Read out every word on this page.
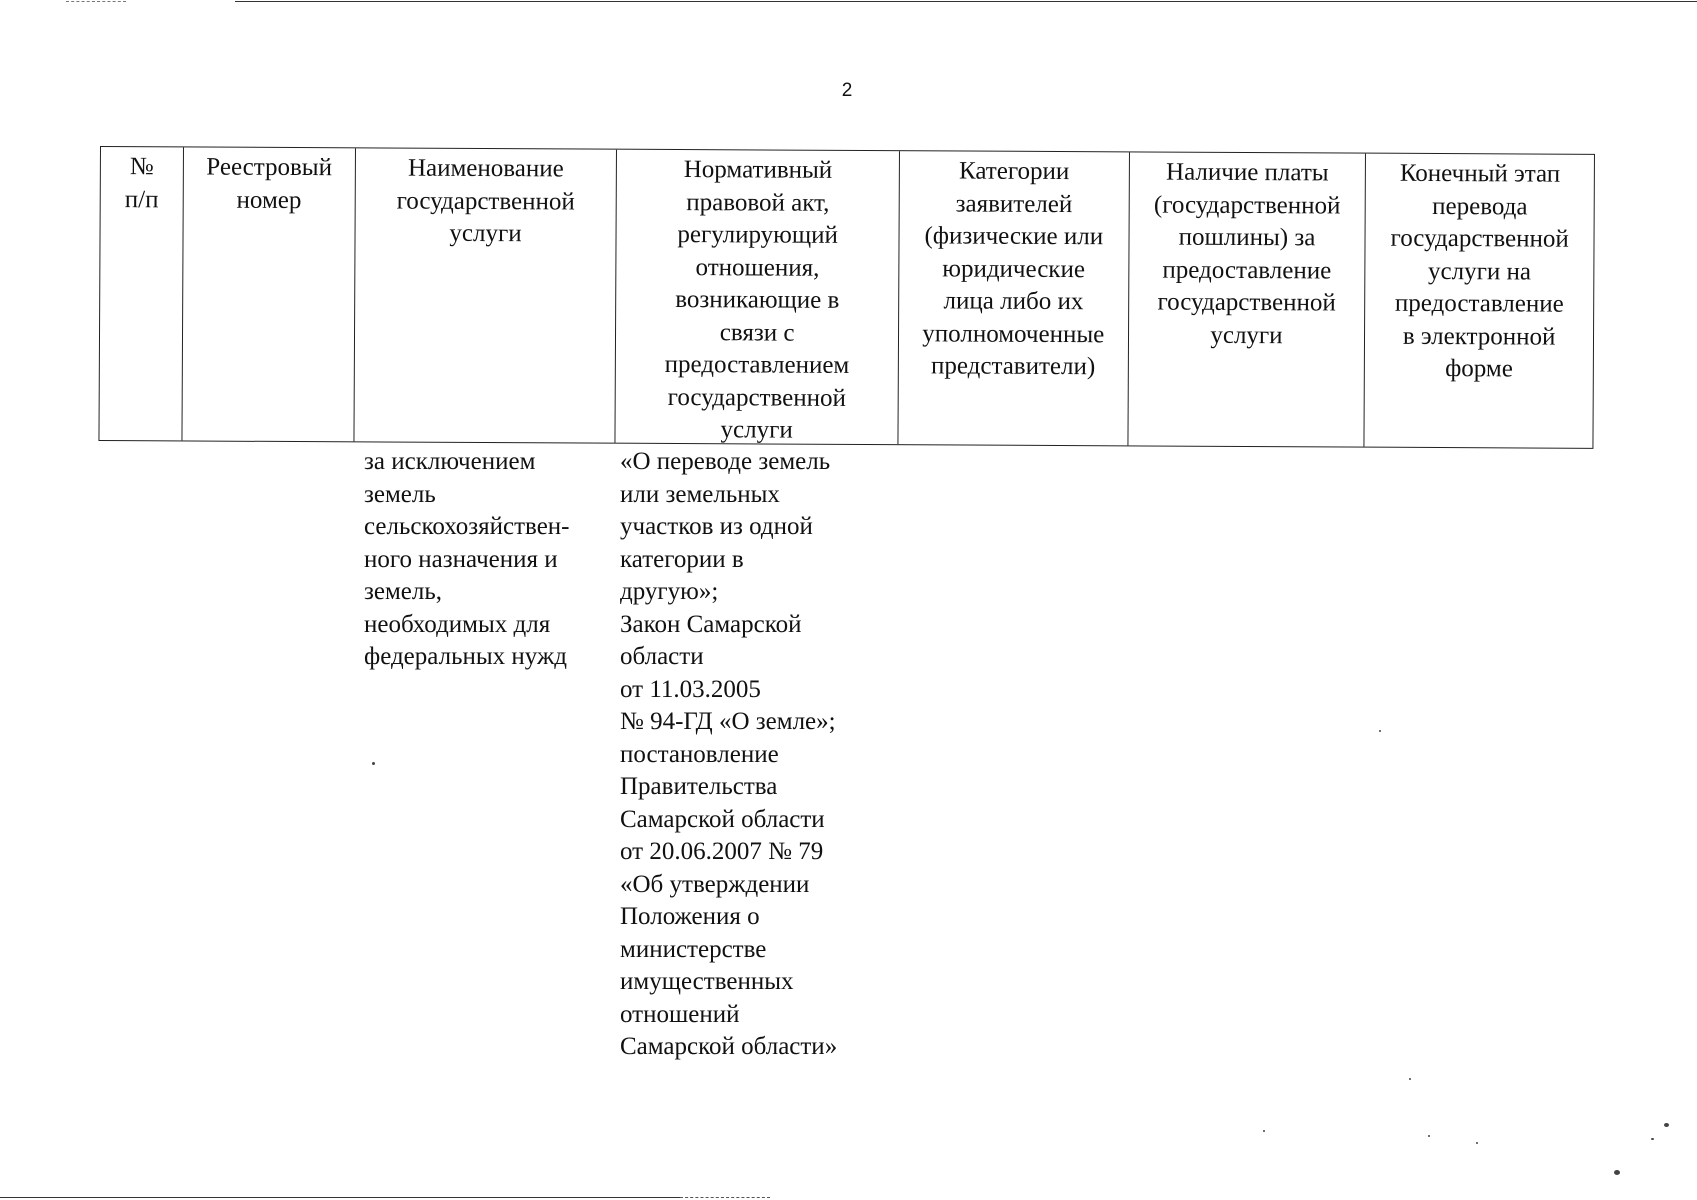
2
№
п/п
Реестровый
номер
Наименование
государственной
услуги
Нормативный
правовой акт,
регулирующий
отношения,
возникающие в
связи с
предоставлением
государственной
услуги
Категории
заявителей
(физические или
юридические
лица либо их
уполномоченные
представители)
Наличие платы
(государственной
пошлины) за
предоставление
государственной
услуги
Конечный этап
перевода
государственной
услуги на
предоставление
в электронной
форме
за исключением
земель
сельскохозяйствен-
ного назначения и
земель,
необходимых для
федеральных нужд
«О переводе земель
или земельных
участков из одной
категории в
другую»;
Закон Самарской
области
от 11.03.2005
№ 94-ГД «О земле»;
постановление
Правительства
Самарской области
от 20.06.2007 № 79
«Об утверждении
Положения о
министерстве
имущественных
отношений
Самарской области»
